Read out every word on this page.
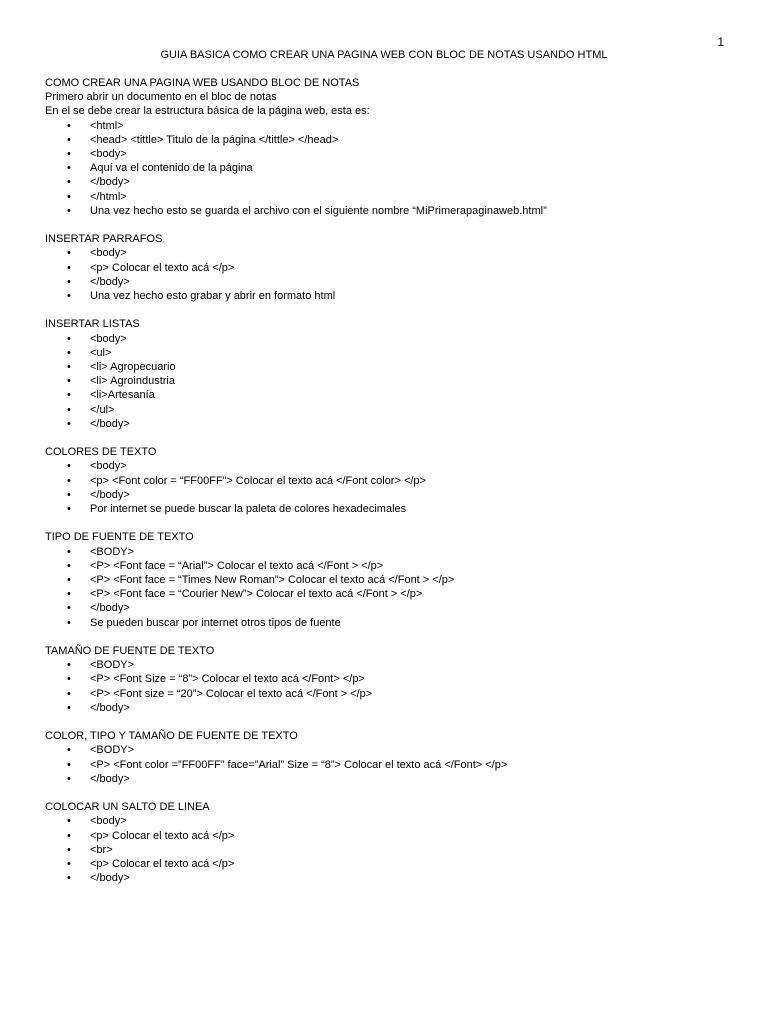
1
GUIA BASICA COMO CREAR UNA PAGINA WEB CON BLOC DE NOTAS USANDO HTML
COMO CREAR UNA PAGINA WEB USANDO BLOC DE NOTAS
Primero abrir un documento en el bloc de notas
En el se debe crear la estructura básica de la página web, esta es:
• <html>
• <head> <tittle> Titulo de la página </tittle> </head>
• <body>
• Aquí va el contenido de la página
• </body>
• </html>
• Una vez hecho esto se guarda el archivo con el siguiente nombre “MiPrimerapaginaweb.html”
INSERTAR PARRAFOS
• <body>
• <p> Colocar el texto acá </p>
• </body>
• Una vez hecho esto grabar y abrir en formato html
INSERTAR LISTAS
• <body>
• <ul>
• <li> Agropecuario
• <li> Agroindustria
• <li>Artesanía
• </ul>
• </body>
COLORES DE TEXTO
• <body>
• <p> <Font color = “FF00FF”> Colocar el texto acá </Font color> </p>
• </body>
• Por internet se puede buscar la paleta de colores hexadecimales
TIPO DE FUENTE DE TEXTO
• <BODY>
• <P> <Font face = “Arial”> Colocar el texto acá </Font > </p>
• <P> <Font face = “Times New Roman”> Colocar el texto acá </Font > </p>
• <P> <Font face = “Courier New”> Colocar el texto acá </Font > </p>
• </body>
• Se pueden buscar por internet otros tipos de fuente
TAMAÑO DE FUENTE DE TEXTO
• <BODY>
• <P> <Font Size = “8”> Colocar el texto acá </Font> </p>
• <P> <Font size = “20”> Colocar el texto acá </Font > </p>
• </body>
COLOR, TIPO Y TAMAÑO DE FUENTE DE TEXTO
• <BODY>
• <P> <Font color =”FF00FF” face=”Arial” Size = “8”> Colocar el texto acá </Font> </p>
• </body>
COLOCAR UN SALTO DE LINEA
• <body>
• <p> Colocar el texto acá </p>
• <br>
• <p> Colocar el texto acá </p>
• </body>
